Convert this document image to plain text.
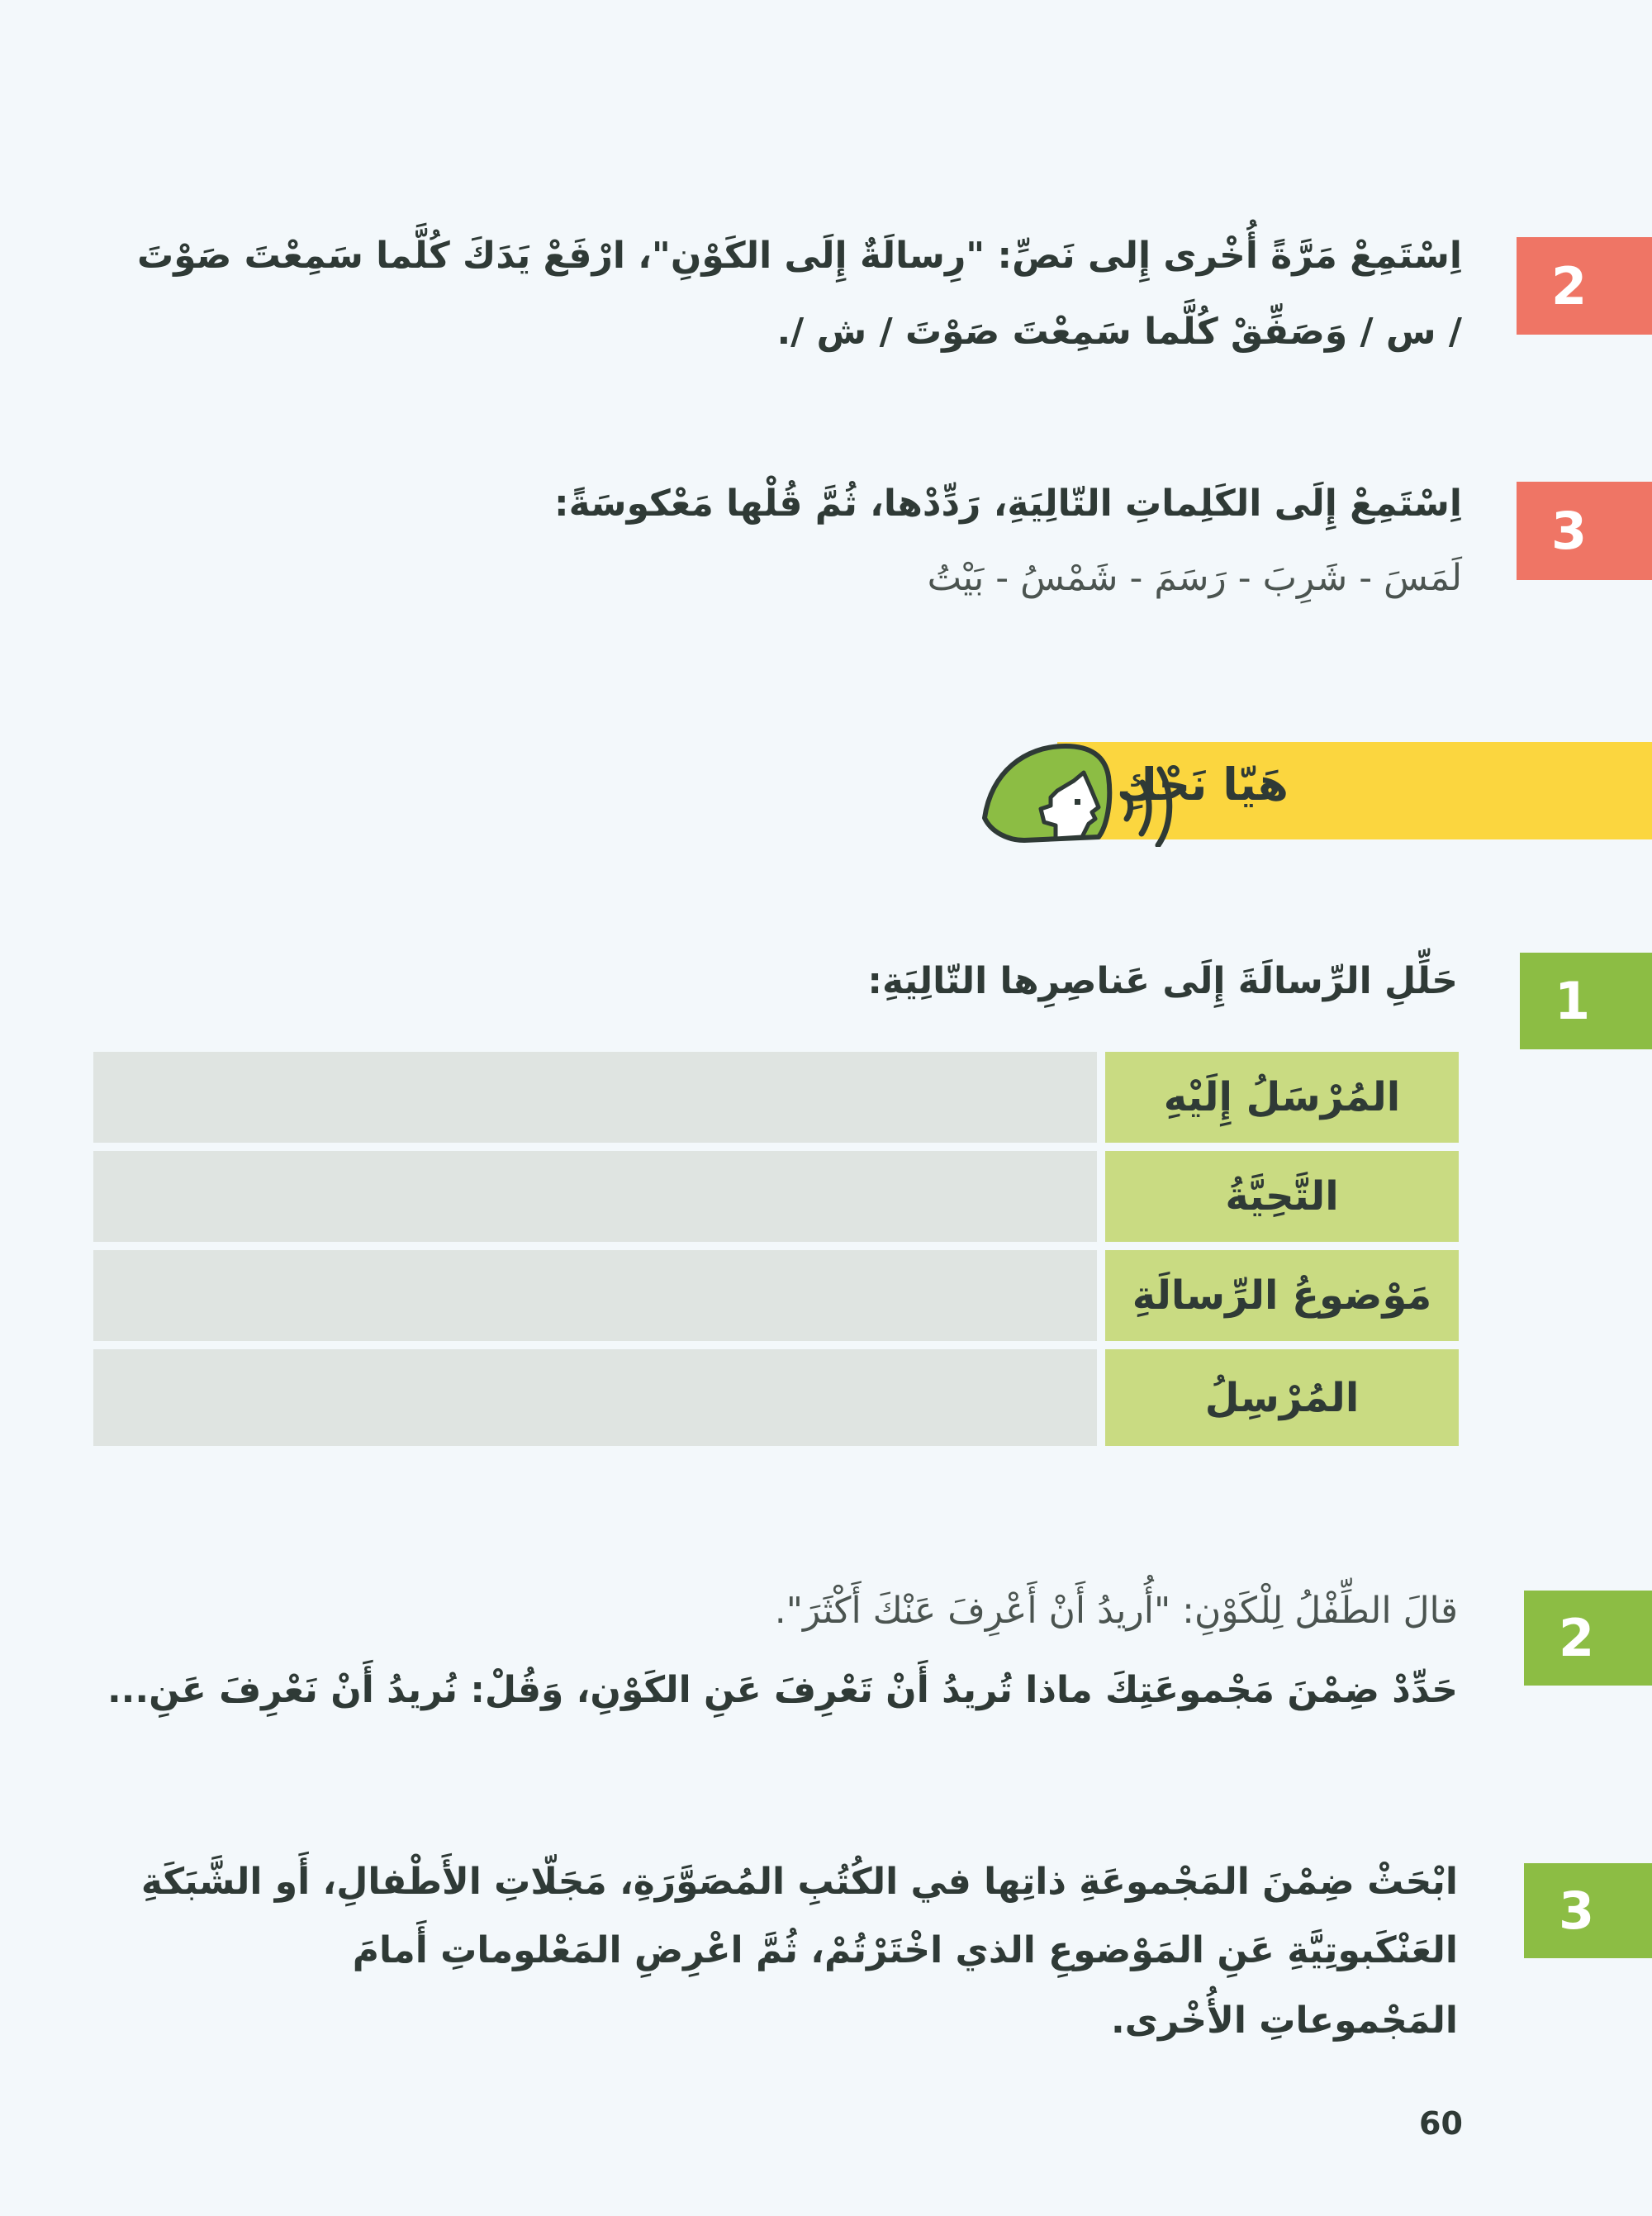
2
اِسْتَمِعْ مَرَّةً أُخْرى إِلى نَصِّ: "رِسالَةٌ إِلَى الكَوْنِ"، ارْفَعْ يَدَكَ كُلَّما سَمِعْتَ صَوْتَ
/ س / وَصَفِّقْ كُلَّما سَمِعْتَ صَوْتَ / ش /.
3
اِسْتَمِعْ إِلَى الكَلِماتِ التّالِيَةِ، رَدِّدْها، ثُمَّ قُلْها مَعْكوسَةً:
لَمَسَ - شَرِبَ - رَسَمَ - شَمْسُ - بَيْتُ
هَيّا نَحْكِ
1
حَلِّلِ الرِّسالَةَ إِلَى عَناصِرِها التّالِيَةِ:
المُرْسَلُ إِلَيْهِ
التَّحِيَّةُ
مَوْضوعُ الرِّسالَةِ
المُرْسِلُ
2
قالَ الطِّفْلُ لِلْكَوْنِ: "أُريدُ أَنْ أَعْرِفَ عَنْكَ أَكْثَرَ".
حَدِّدْ ضِمْنَ مَجْموعَتِكَ ماذا تُريدُ أَنْ تَعْرِفَ عَنِ الكَوْنِ، وَقُلْ: نُريدُ أَنْ نَعْرِفَ عَنِ...
3
ابْحَثْ ضِمْنَ المَجْموعَةِ ذاتِها في الكُتُبِ المُصَوَّرَةِ، مَجَلّاتِ الأَطْفالِ، أَو الشَّبَكَةِ
العَنْكَبوتِيَّةِ عَنِ المَوْضوعِ الذي اخْتَرْتُمْ، ثُمَّ اعْرِضِ المَعْلوماتِ أَمامَ
المَجْموعاتِ الأُخْرى.
60
